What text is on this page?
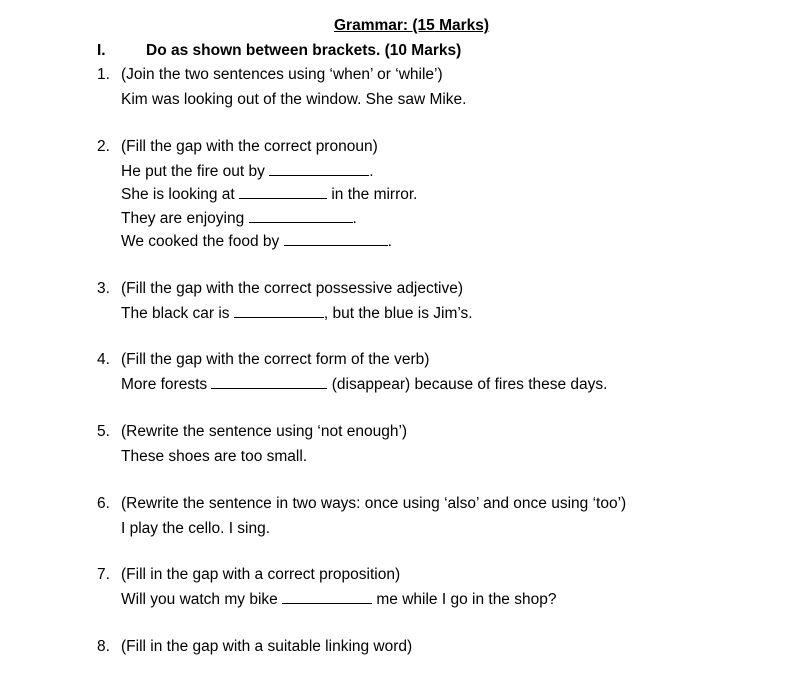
Grammar: (15 Marks)
I.	Do as shown between brackets. (10 Marks)
1. (Join the two sentences using ‘when’ or ‘while’)
Kim was looking out of the window. She saw Mike.
2. (Fill the gap with the correct pronoun)
He put the fire out by	.
She is looking at	in the mirror.
They are enjoying	.
We cooked the food by	.
3. (Fill the gap with the correct possessive adjective)
The black car is	, but the blue is Jim’s.
4. (Fill the gap with the correct form of the verb)
More forests	(disappear) because of fires these days.
5. (Rewrite the sentence using ‘not enough’)
These shoes are too small.
6. (Rewrite the sentence in two ways: once using ‘also’ and once using ‘too’)
I play the cello. I sing.
7. (Fill in the gap with a correct proposition)
Will you watch my bike	me while I go in the shop?
8. (Fill in the gap with a suitable linking word)
